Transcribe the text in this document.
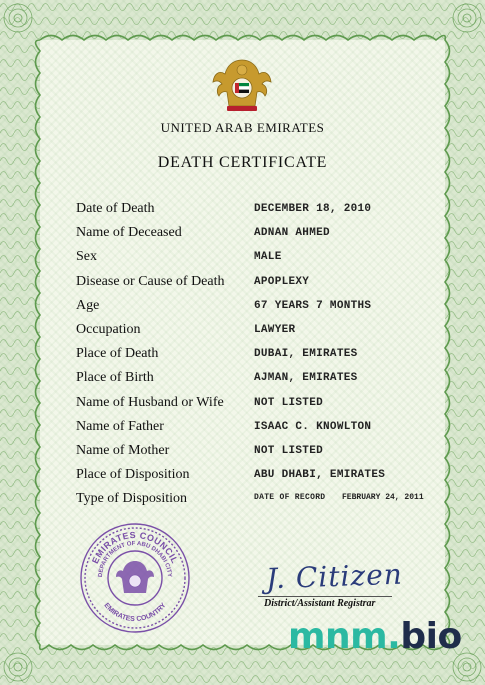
UNITED ARAB EMIRATES
DEATH CERTIFICATE
Date of Death	DECEMBER 18, 2010
Name of Deceased	ADNAN AHMED
Sex	MALE
Disease or Cause of Death	APOPLEXY
Age	67 YEARS 7 MONTHS
Occupation	LAWYER
Place of Death	DUBAI, EMIRATES
Place of Birth	AJMAN, EMIRATES
Name of Husband or Wife	NOT LISTED
Name of Father	ISAAC C. KNOWLTON
Name of Mother	NOT LISTED
Place of Disposition	ABU DHABI, EMIRATES
Type of Disposition	DATE OF RECORD FEBRUARY 24, 2011
EMIRATES COUNCIL
DEPARTMENT OF ABU DHABI CITY
EMIRATES COUNTRY
J. Citizen
District/Assistant Registrar
mnm.bio
